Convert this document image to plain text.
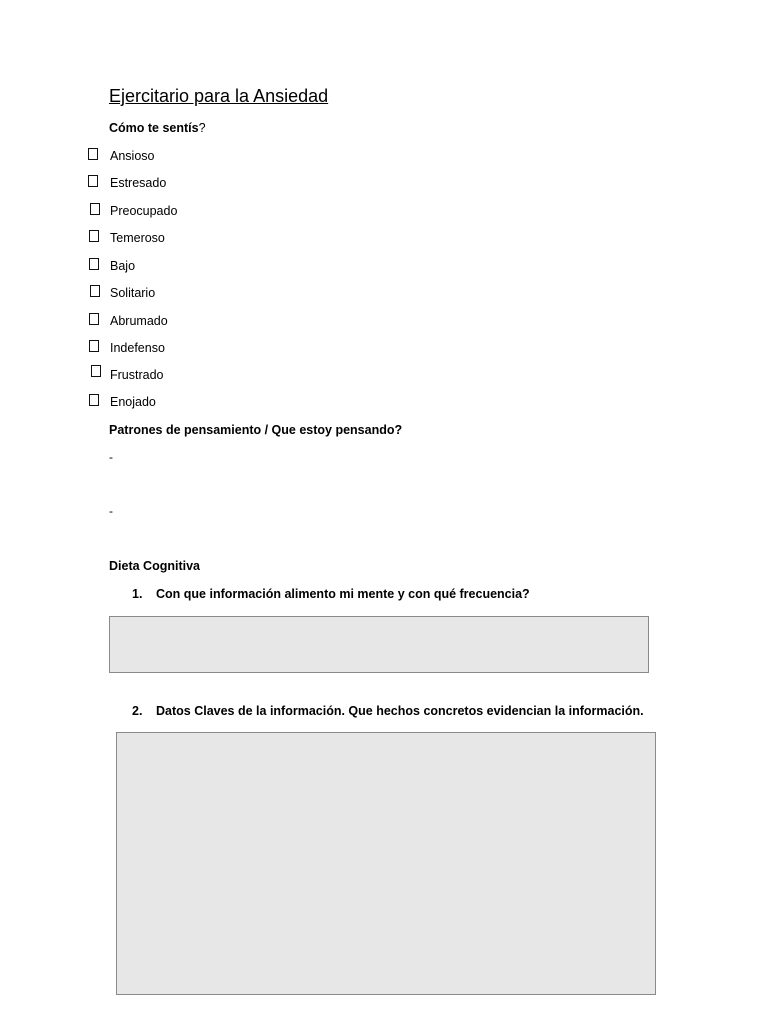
Ejercitario para la Ansiedad
Cómo te sentís?
Ansioso
Estresado
Preocupado
Temeroso
Bajo
Solitario
Abrumado
Indefenso
Frustrado
Enojado
Patrones de pensamiento / Que estoy pensando?
-
-
Dieta Cognitiva
1. Con que información alimento mi mente y con qué frecuencia?
2. Datos Claves de la información. Que hechos concretos evidencian la información.
